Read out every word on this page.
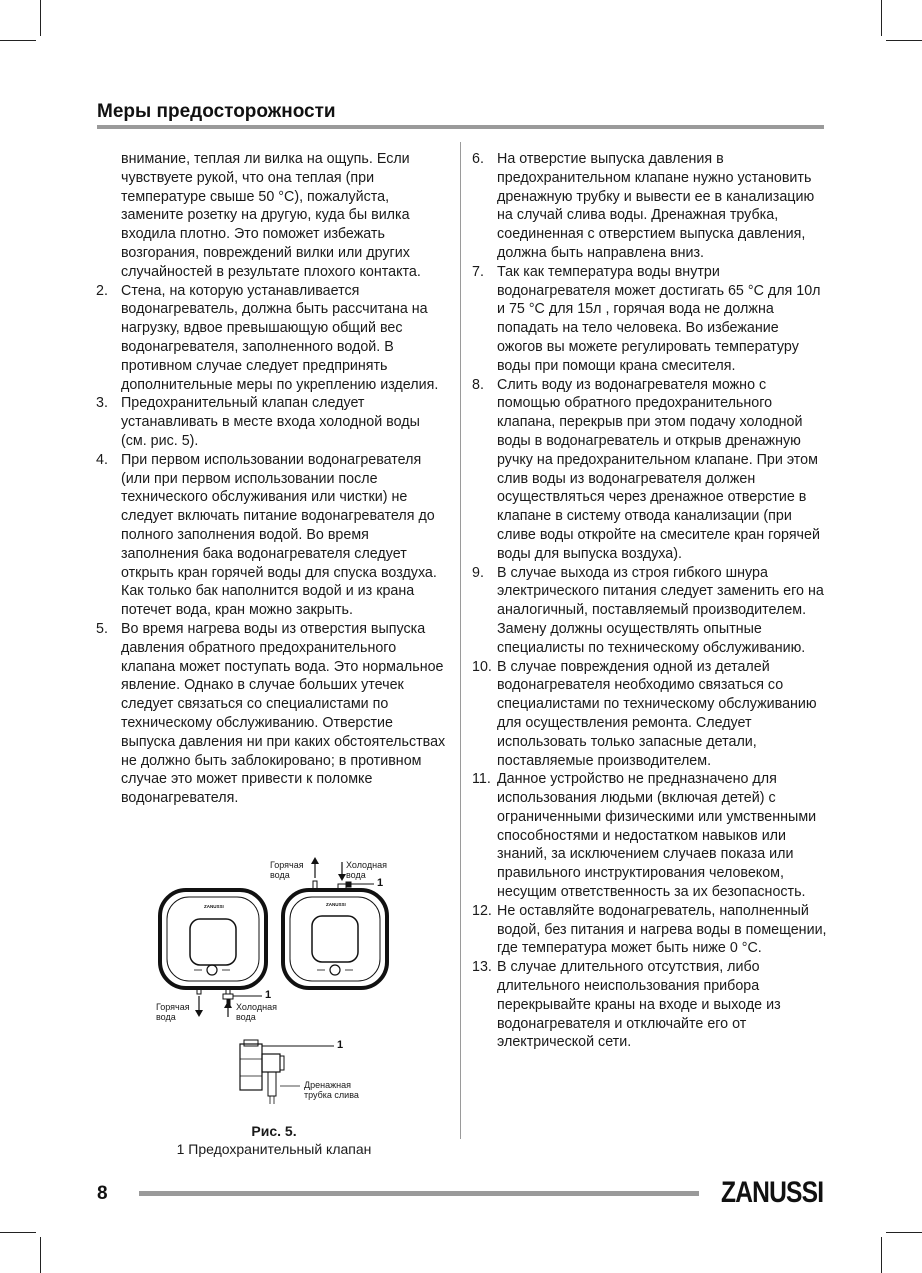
Меры предосторожности

внимание, теплая ли вилка на ощупь. Если чувствуете рукой, что она теплая (при температуре свыше 50 °C), пожалуйста, замените розетку на другую, куда бы вилка входила плотно. Это поможет избежать возгорания, повреждений вилки или других случайностей в результате плохого контакта.

2. Стена, на которую устанавливается водонагреватель, должна быть рассчитана на нагрузку, вдвое превышающую общий вес водонагревателя, заполненного водой. В противном случае следует предпринять дополнительные меры по укреплению изделия.

3. Предохранительный клапан следует устанавливать в месте входа холодной воды (см. рис. 5).

4. При первом использовании водонагревателя (или при первом использовании после технического обслуживания или чистки) не следует включать питание водонагревателя до полного заполнения водой. Во время заполнения бака водонагревателя следует открыть кран горячей воды для спуска воздуха. Как только бак наполнится водой и из крана потечет вода, кран можно закрыть.

5. Во время нагрева воды из отверстия выпуска давления обратного предохранительного клапана может поступать вода. Это нормальное явление. Однако в случае больших утечек следует связаться со специалистами по техническому обслуживанию. Отверстие выпуска давления ни при каких обстоятельствах не должно быть заблокировано; в противном случае это может привести к поломке водонагревателя.

6. На отверстие выпуска давления в предохранительном клапане нужно установить дренажную трубку и вывести ее в канализацию на случай слива воды. Дренажная трубка, соединенная с отверстием выпуска давления, должна быть направлена вниз.

7. Так как температура воды внутри водонагревателя может достигать 65 °C для 10л и 75 °C для 15л , горячая вода не должна попадать на тело человека. Во избежание ожогов вы можете регулировать температуру воды при помощи крана смесителя.

8. Слить воду из водонагревателя можно с помощью обратного предохранительного клапана, перекрыв при этом подачу холодной воды в водонагреватель и открыв дренажную ручку на предохранительном клапане. При этом слив воды из водонагревателя должен осуществляться через дренажное отверстие в клапане в систему отвода канализации (при сливе воды откройте на смесителе кран горячей воды для выпуска воздуха).

9. В случае выхода из строя гибкого шнура электрического питания следует заменить его на аналогичный, поставляемый производителем. Замену должны осуществлять опытные специалисты по техническому обслуживанию.

10. В случае повреждения одной из деталей водонагревателя необходимо связаться со специалистами по техническому обслуживанию для осуществления ремонта. Следует использовать только запасные детали, поставляемые производителем.

11. Данное устройство не предназначено для использования людьми (включая детей) с ограниченными физическими или умственными способностями и недостатком навыков или знаний, за исключением случаев показа или правильного инструктирования человеком, несущим ответственность за их безопасность.

12. Не оставляйте водонагреватель, наполненный водой, без питания и нагрева воды в помещении, где температура может быть ниже 0 °C.

13. В случае длительного отсутствия, либо длительного неиспользования прибора перекрывайте краны на входе и выходе из водонагревателя и отключайте его от электрической сети.

ZANUSSI	ZANUSSI
Горячая
вода
Холодная
вода
1
Горячая
вода
Холодная
вода
1
1
Дренажная
трубка слива

Рис. 5.

1 Предохранительный клапан

8	ZANUSSI
